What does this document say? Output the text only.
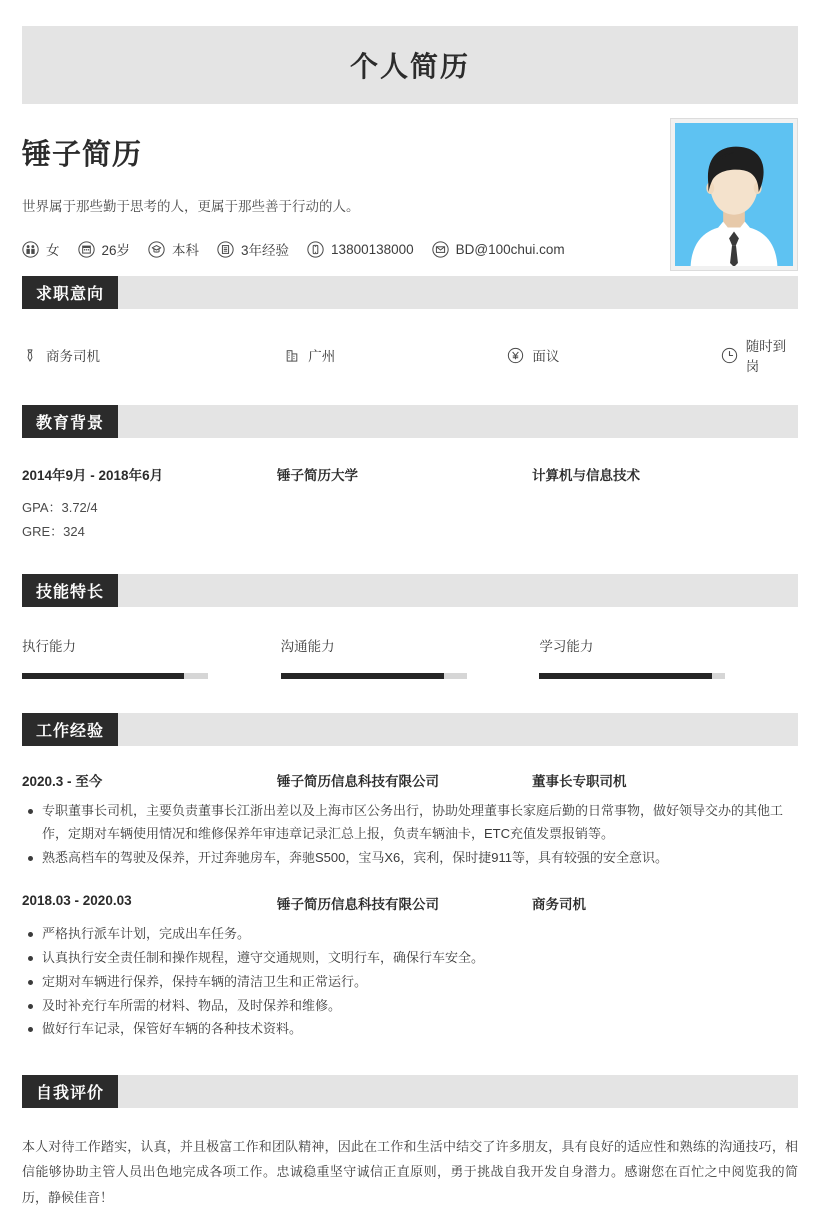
个人简历
锤子简历
世界属于那些勤于思考的人，更属于那些善于行动的人。
女	26岁	本科	3年经验	13800138000	BD@100chui.com
求职意向
商务司机	广州	面议
随时到岗
教育背景
2014年9月 - 2018年6月	锤子简历大学	计算机与信息技术
GPA：3.72/4
GRE：324
技能特长
执行能力	沟通能力	学习能力
工作经验
2020.3 - 至今	锤子简历信息科技有限公司	董事长专职司机
专职董事长司机，主要负责董事长江浙出差以及上海市区公务出行，协助处理董事长家庭后勤的日常事物，做好领导交办的其他工作，定期对车辆使用情况和维修保养年审违章记录汇总上报，负责车辆油卡，ETC充值发票报销等。
熟悉高档车的驾驶及保养，开过奔驰房车，奔驰S500，宝马X6，宾利，保时捷911等，具有较强的安全意识。
2018.03 - 2020.03	锤子简历信息科技有限公司	商务司机
严格执行派车计划，完成出车任务。
认真执行安全责任制和操作规程，遵守交通规则，文明行车，确保行车安全。
定期对车辆进行保养，保持车辆的清洁卫生和正常运行。
及时补充行车所需的材料、物品，及时保养和维修。
做好行车记录，保管好车辆的各种技术资料。
自我评价
本人对待工作踏实，认真，并且极富工作和团队精神，因此在工作和生活中结交了许多朋友，具有良好的适应性和熟练的沟通技巧，相信能够协助主管人员出色地完成各项工作。忠诚稳重坚守诚信正直原则，勇于挑战自我开发自身潜力。感谢您在百忙之中阅览我的简历，静候佳音！
